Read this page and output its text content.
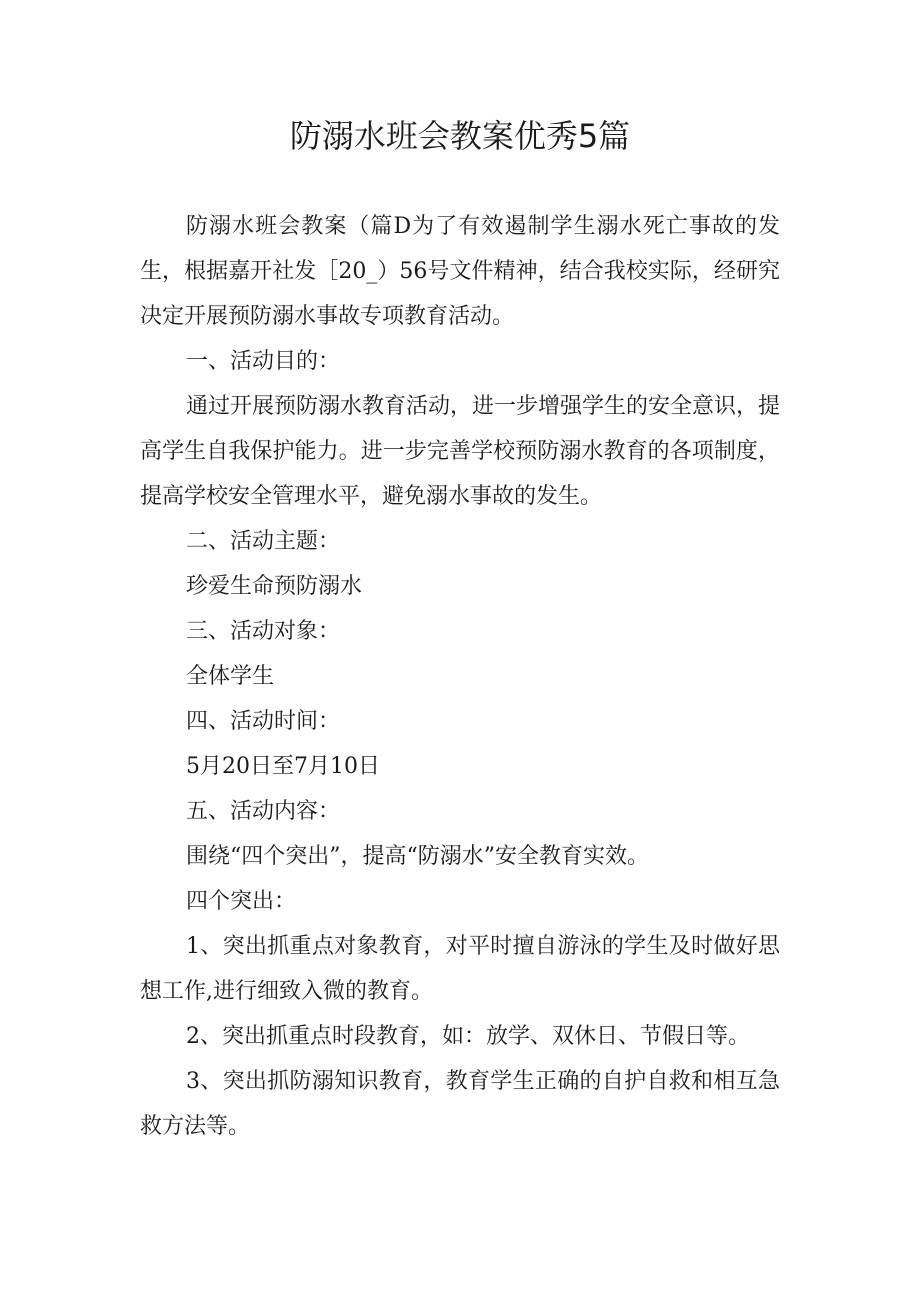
防溺水班会教案优秀5篇

防溺水班会教案（篇D为了有效遏制学生溺水死亡事故的发生，根据嘉开社发［20_）56号文件精神，结合我校实际，经研究决定开展预防溺水事故专项教育活动。

一、活动目的：

通过开展预防溺水教育活动，进一步增强学生的安全意识，提高学生自我保护能力。进一步完善学校预防溺水教育的各项制度，提高学校安全管理水平，避免溺水事故的发生。

二、活动主题：

珍爱生命预防溺水

三、活动对象：

全体学生

四、活动时间：

5月20日至7月10日

五、活动内容：

围绕“四个突出”，提高“防溺水”安全教育实效。

四个突出：

1、突出抓重点对象教育，对平时擅自游泳的学生及时做好思想工作,进行细致入微的教育。

2、突出抓重点时段教育，如：放学、双休日、节假日等。

3、突出抓防溺知识教育，教育学生正确的自护自救和相互急救方法等。
